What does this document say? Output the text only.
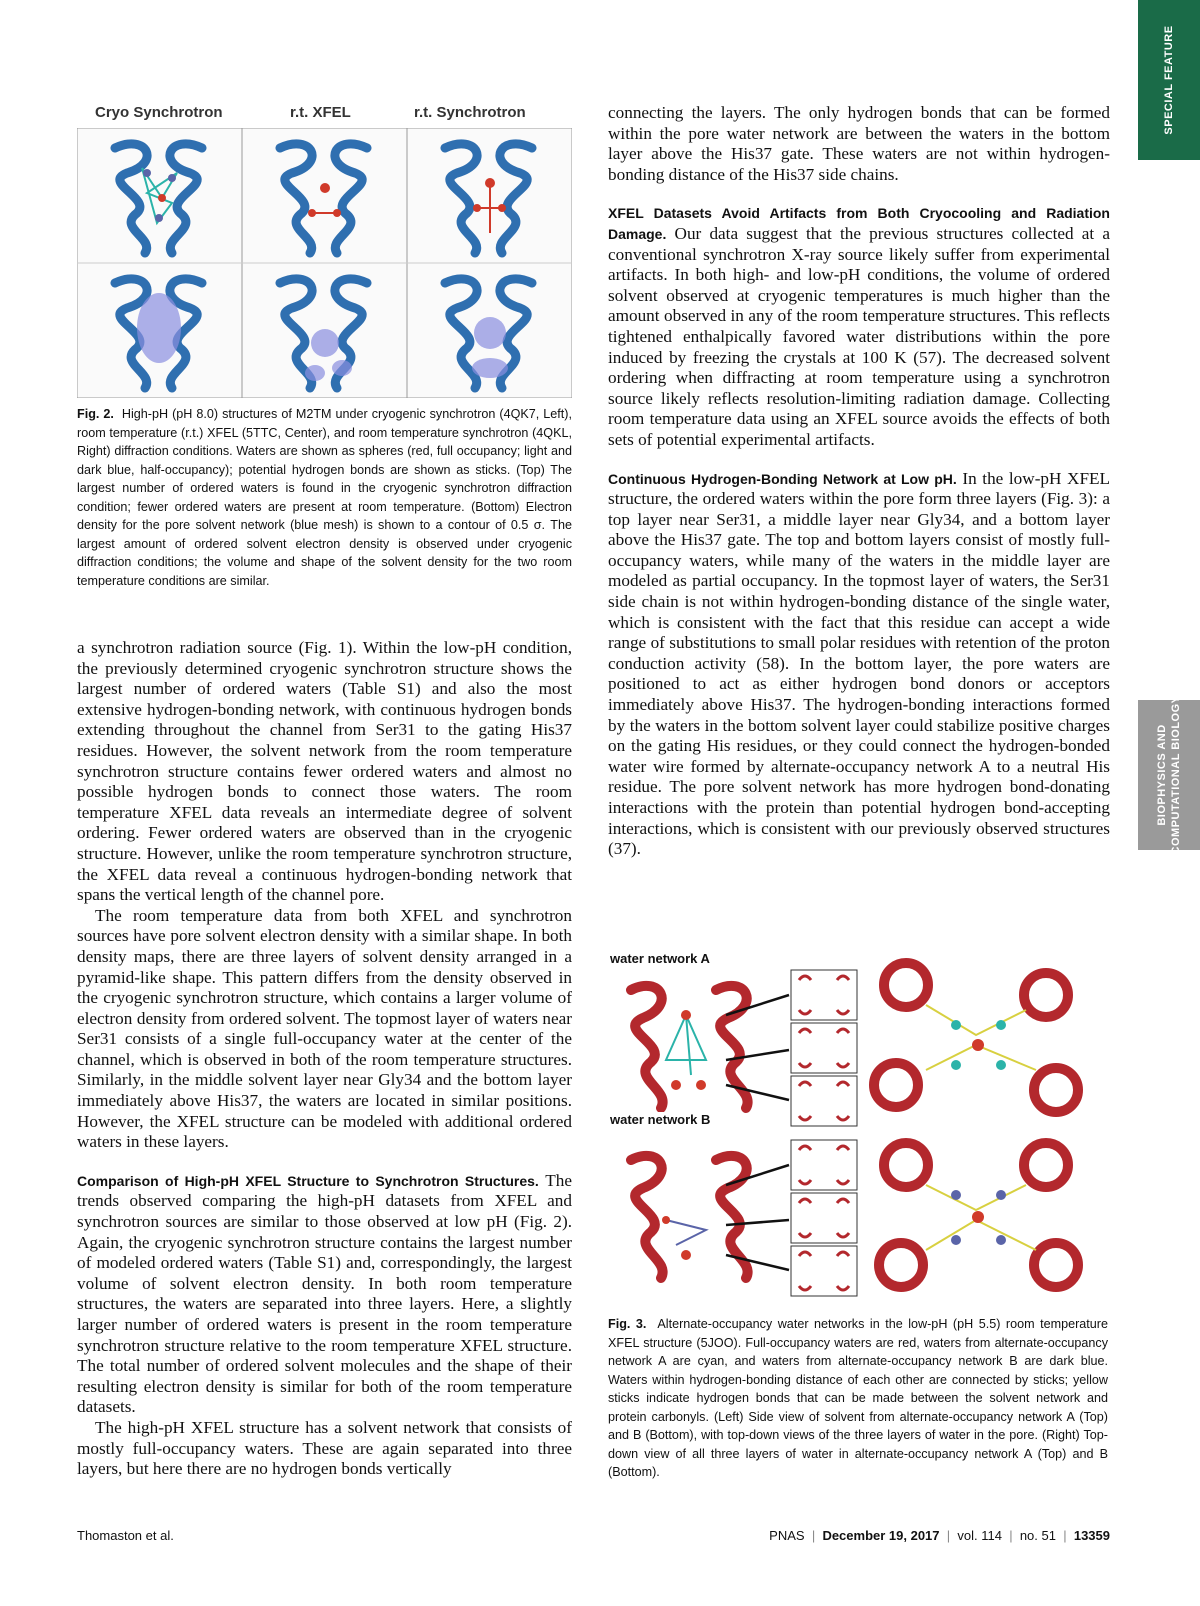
SPECIAL FEATURE
BIOPHYSICS AND COMPUTATIONAL BIOLOGY
Cryo Synchrotron	r.t. XFEL	r.t. Synchrotron
Fig. 2. High-pH (pH 8.0) structures of M2TM under cryogenic synchrotron (4QK7, Left), room temperature (r.t.) XFEL (5TTC, Center), and room temperature synchrotron (4QKL, Right) diffraction conditions. Waters are shown as spheres (red, full occupancy; light and dark blue, half-occupancy); potential hydrogen bonds are shown as sticks. (Top) The largest number of ordered waters is found in the cryogenic synchrotron diffraction condition; fewer ordered waters are present at room temperature. (Bottom) Electron density for the pore solvent network (blue mesh) is shown to a contour of 0.5 σ. The largest amount of ordered solvent electron density is observed under cryogenic diffraction conditions; the volume and shape of the solvent density for the two room temperature conditions are similar.

a synchrotron radiation source (Fig. 1). Within the low-pH condition, the previously determined cryogenic synchrotron structure shows the largest number of ordered waters (Table S1) and also the most extensive hydrogen-bonding network, with continuous hydrogen bonds extending throughout the channel from Ser31 to the gating His37 residues. However, the solvent network from the room temperature synchrotron structure contains fewer ordered waters and almost no possible hydrogen bonds to connect those waters. The room temperature XFEL data reveals an intermediate degree of solvent ordering. Fewer ordered waters are observed than in the cryogenic structure. However, unlike the room temperature synchrotron structure, the XFEL data reveal a continuous hydrogen-bonding network that spans the vertical length of the channel pore.

The room temperature data from both XFEL and synchrotron sources have pore solvent electron density with a similar shape. In both density maps, there are three layers of solvent density arranged in a pyramid-like shape. This pattern differs from the density observed in the cryogenic synchrotron structure, which contains a larger volume of electron density from ordered solvent. The topmost layer of waters near Ser31 consists of a single full-occupancy water at the center of the channel, which is observed in both of the room temperature structures. Similarly, in the middle solvent layer near Gly34 and the bottom layer immediately above His37, the waters are located in similar positions. However, the XFEL structure can be modeled with additional ordered waters in these layers.

Comparison of High-pH XFEL Structure to Synchrotron Structures. The trends observed comparing the high-pH datasets from XFEL and synchrotron sources are similar to those observed at low pH (Fig. 2). Again, the cryogenic synchrotron structure contains the largest number of modeled ordered waters (Table S1) and, correspondingly, the largest volume of solvent electron density. In both room temperature structures, the waters are separated into three layers. Here, a slightly larger number of ordered waters is present in the room temperature synchrotron structure relative to the room temperature XFEL structure. The total number of ordered solvent molecules and the shape of their resulting electron density is similar for both of the room temperature datasets.

The high-pH XFEL structure has a solvent network that consists of mostly full-occupancy waters. These are again separated into three layers, but here there are no hydrogen bonds vertically

connecting the layers. The only hydrogen bonds that can be formed within the pore water network are between the waters in the bottom layer above the His37 gate. These waters are not within hydrogen-bonding distance of the His37 side chains.

XFEL Datasets Avoid Artifacts from Both Cryocooling and Radiation Damage. Our data suggest that the previous structures collected at a conventional synchrotron X-ray source likely suffer from experimental artifacts. In both high- and low-pH conditions, the volume of ordered solvent observed at cryogenic temperatures is much higher than the amount observed in any of the room temperature structures. This reflects tightened enthalpically favored water distributions within the pore induced by freezing the crystals at 100 K (57). The decreased solvent ordering when diffracting at room temperature using a synchrotron source likely reflects resolution-limiting radiation damage. Collecting room temperature data using an XFEL source avoids the effects of both sets of potential experimental artifacts.

Continuous Hydrogen-Bonding Network at Low pH. In the low-pH XFEL structure, the ordered waters within the pore form three layers (Fig. 3): a top layer near Ser31, a middle layer near Gly34, and a bottom layer above the His37 gate. The top and bottom layers consist of mostly full-occupancy waters, while many of the waters in the middle layer are modeled as partial occupancy. In the topmost layer of waters, the Ser31 side chain is not within hydrogen-bonding distance of the single water, which is consistent with the fact that this residue can accept a wide range of substitutions to small polar residues with retention of the proton conduction activity (58). In the bottom layer, the pore waters are positioned to act as either hydrogen bond donors or acceptors immediately above His37. The hydrogen-bonding interactions formed by the waters in the bottom solvent layer could stabilize positive charges on the gating His residues, or they could connect the hydrogen-bonded water wire formed by alternate-occupancy network A to a neutral His residue. The pore solvent network has more hydrogen bond-donating interactions with the protein than potential hydrogen bond-accepting interactions, which is consistent with our previously observed structures (37).

water network A
water network B
Fig. 3. Alternate-occupancy water networks in the low-pH (pH 5.5) room temperature XFEL structure (5JOO). Full-occupancy waters are red, waters from alternate-occupancy network A are cyan, and waters from alternate-occupancy network B are dark blue. Waters within hydrogen-bonding distance of each other are connected by sticks; yellow sticks indicate hydrogen bonds that can be made between the solvent network and protein carbonyls. (Left) Side view of solvent from alternate-occupancy network A (Top) and B (Bottom), with top-down views of the three layers of water in the pore. (Right) Top-down view of all three layers of water in alternate-occupancy network A (Top) and B (Bottom).
Thomaston et al.	PNAS  |  December 19, 2017  |  vol. 114  |  no. 51  |  13359
